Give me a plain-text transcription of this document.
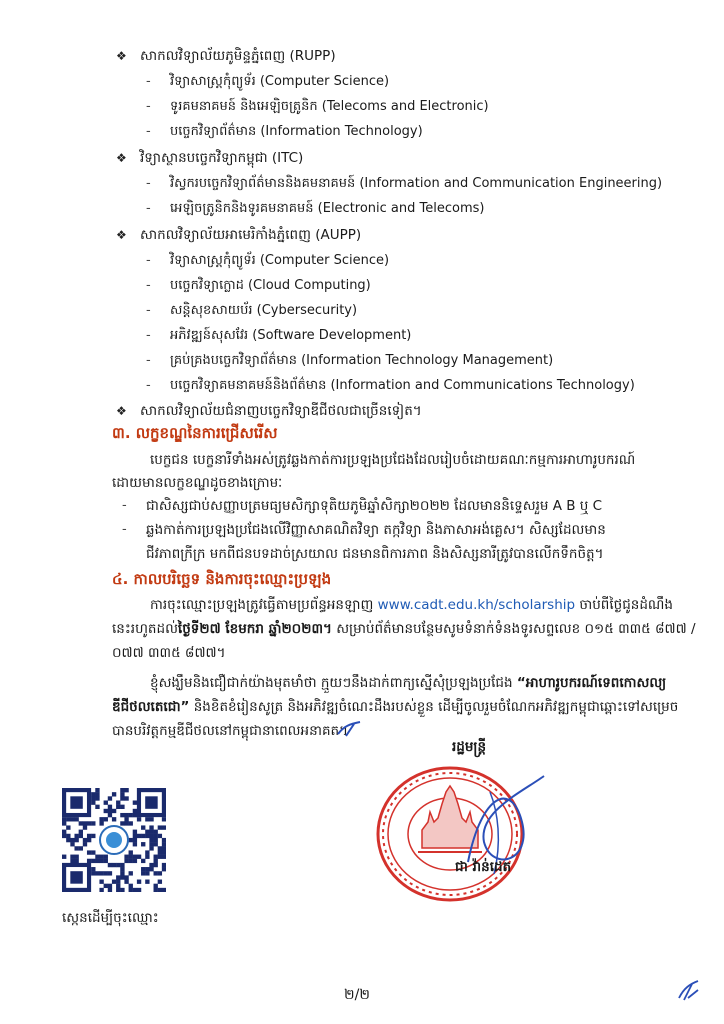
❖ សាកលវិទ្យាល័យភូមិន្ទភ្នំពេញ (RUPP)
- វិទ្យាសាស្ត្រកុំព្យូទ័រ (Computer Science)
- ទូរគមនាគមន៍ និងអេឡិចត្រូនិក (Telecoms and Electronic)
- បច្ចេកវិទ្យាព័ត៌មាន (Information Technology)
❖ វិទ្យាស្ថានបច្ចេកវិទ្យាកម្ពុជា (ITC)
- វិស្វករបច្ចេកវិទ្យាព័ត៌មាននិងគមនាគមន៍ (Information and Communication Engineering)
- អេឡិចត្រូនិកនិងទូរគមនាគមន៍ (Electronic and Telecoms)
❖ សាកលវិទ្យាល័យអាមេរិកាំងភ្នំពេញ (AUPP)
- វិទ្យាសាស្ត្រកុំព្យូទ័រ (Computer Science)
- បច្ចេកវិទ្យាក្លោដ (Cloud Computing)
- សន្តិសុខសាយប័រ (Cybersecurity)
- អភិវឌ្ឍន៍សុសវែរ (Software Development)
- គ្រប់គ្រងបច្ចេកវិទ្យាព័ត៌មាន (Information Technology Management)
- បច្ចេកវិទ្យាគមនាគមន៍និងព័ត៌មាន (Information and Communications Technology)
❖ សាកលវិទ្យាល័យជំនាញបច្ចេកវិទ្យាឌីជីថលជាច្រើនទៀត។
៣. លក្ខខណ្ឌនៃការជ្រើសរើស
បេក្ខជន បេក្ខនារីទាំងអស់ត្រូវឆ្លងកាត់ការប្រឡងប្រជែងដែលរៀបចំដោយគណៈកម្មការអាហារូបករណ៍
ដោយមានលក្ខខណ្ឌដូចខាងក្រោមៈ
- ជាសិស្សជាប់សញ្ញាបត្រមធ្យមសិក្សាទុតិយភូមិឆ្នាំសិក្សា២០២២ ដែលមាននិទ្ទេសរួម A B ឬ C
- ឆ្លងកាត់ការប្រឡងប្រជែងលើវិញ្ញាសាគណិតវិទ្យា តក្កវិទ្យា និងភាសាអង់គ្លេស។ សិស្សដែលមាន
ជីវភាពក្រីក្រ មកពីជនបទដាច់ស្រយាល ជនមានពិការភាព និងសិស្សនារីត្រូវបានលើកទឹកចិត្ត។
៤. កាលបរិច្ឆេទ និងការចុះឈ្មោះប្រឡង
ការចុះឈ្មោះប្រឡងត្រូវធ្វើតាមប្រព័ន្ធអនឡាញ www.cadt.edu.kh/scholarship ចាប់ពីថ្ងៃជូនដំណឹង
នេះរហូតដល់ថ្ងៃទី២៧ ខែមករា ឆ្នាំ២០២៣។ សម្រាប់ព័ត៌មានបន្ថែមសូមទំនាក់ទំនងទូរសព្ទលេខ ០១៥ ៣៣៥ ៨៧៧ /
០៧៧ ៣៣៥ ៨៧៧។
ខ្ញុំសង្ឃឹមនិងជឿជាក់យ៉ាងមុតមាំថា ក្មួយៗនឹងដាក់ពាក្យស្នើសុំប្រឡងប្រជែង “អាហារូបករណ៍ទេពកោសល្យ
ឌីជីថលតេជោ” និងខិតខំរៀនសូត្រ និងអភិវឌ្ឍចំណេះដឹងរបស់ខ្លួន ដើម្បីចូលរួមចំណែកអភិវឌ្ឍកម្ពុជាឆ្ពោះទៅសម្រេច
បានបរិវត្តកម្មឌីជីថលនៅកម្ពុជានាពេលអនាគត។
រដ្ឋមន្ត្រី
ជា វ៉ាន់ដេត
ស្កេនដើម្បីចុះឈ្មោះ
២/២
